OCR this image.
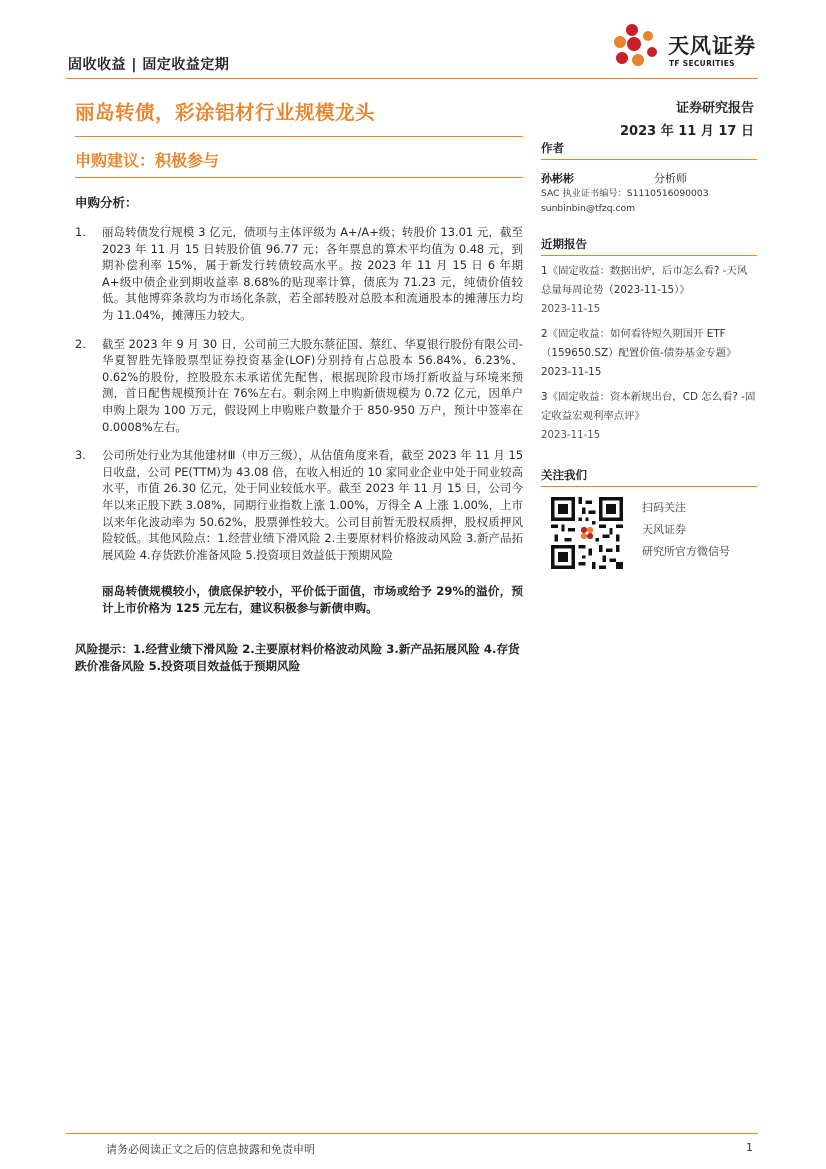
固收收益 | 固定收益定期
天风证券
TF SECURITIES
丽岛转债，彩涂铝材行业规模龙头
申购建议：积极参与
证券研究报告
2023 年 11 月 17 日
申购分析：
1. 丽岛转债发行规模 3 亿元，债项与主体评级为 A+/A+级；转股价 13.01 元，截至 2023 年 11 月 15 日转股价值 96.77 元；各年票息的算术平均值为 0.48 元，到期补偿利率 15%，属于新发行转债较高水平。按 2023 年 11 月 15 日 6 年期 A+级中债企业到期收益率 8.68%的贴现率计算，债底为 71.23 元，纯债价值较低。其他博弈条款均为市场化条款，若全部转股对总股本和流通股本的摊薄压力均为 11.04%，摊薄压力较大。
2. 截至 2023 年 9 月 30 日，公司前三大股东蔡征国、蔡红、华夏银行股份有限公司-华夏智胜先锋股票型证券投资基金(LOF)分别持有占总股本 56.84%、6.23%、0.62%的股份，控股股东未承诺优先配售，根据现阶段市场打新收益与环境来预测，首日配售规模预计在 76%左右。剩余网上申购新债规模为 0.72 亿元，因单户申购上限为 100 万元，假设网上申购账户数量介于 850-950 万户，预计中签率在 0.0008%左右。
3. 公司所处行业为其他建材Ⅲ（申万三级），从估值角度来看，截至 2023 年 11 月 15 日收盘，公司 PE(TTM)为 43.08 倍，在收入相近的 10 家同业企业中处于同业较高水平，市值 26.30 亿元，处于同业较低水平。截至 2023 年 11 月 15 日，公司今年以来正股下跌 3.08%，同期行业指数上涨 1.00%，万得全 A 上涨 1.00%，上市以来年化波动率为 50.62%，股票弹性较大。公司目前暂无股权质押，股权质押风险较低。其他风险点：1.经营业绩下滑风险 2.主要原材料价格波动风险 3.新产品拓展风险 4.存货跌价准备风险 5.投资项目效益低于预期风险
丽岛转债规模较小，债底保护较小，平价低于面值，市场或给予 29%的溢价，预计上市价格为 125 元左右，建议积极参与新债申购。
风险提示：1.经营业绩下滑风险 2.主要原材料价格波动风险 3.新产品拓展风险 4.存货跌价准备风险 5.投资项目效益低于预期风险
作者
孙彬彬	分析师
SAC 执业证书编号：S1110516090003
sunbinbin@tfzq.com
近期报告
1《固定收益：数据出炉，后市怎么看? -天风总量每周论势（2023-11-15）》
2023-11-15
2《固定收益：如何看待短久期国开 ETF（159650.SZ）配置价值-债券基金专题》 2023-11-15
3《固定收益：资本新规出台，CD 怎么看? -固定收益宏观利率点评》
2023-11-15
关注我们
扫码关注
天风证券
研究所官方微信号
请务必阅读正文之后的信息披露和免责申明	1
